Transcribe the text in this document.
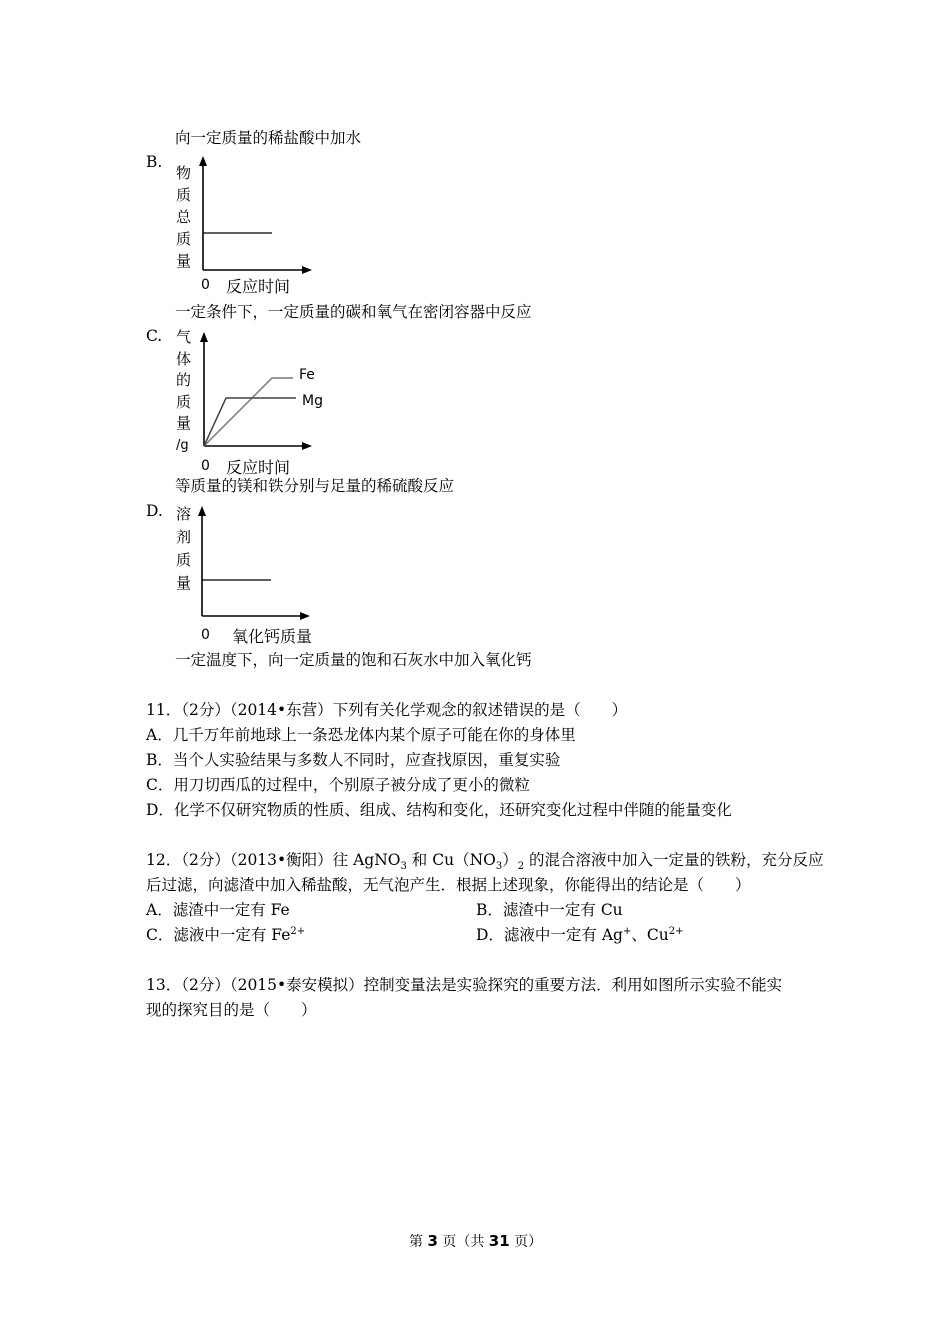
向一定质量的稀盐酸中加水
B.
物
质
总
质
量
0 反应时间
一定条件下，一定质量的碳和氧气在密闭容器中反应
C. 气
体
的
质
量
/g
Fe
Mg
0 反应时间
等质量的镁和铁分别与足量的稀硫酸反应
D. 溶
剂
质
量
0 氧化钙质量
一定温度下，向一定质量的饱和石灰水中加入氧化钙
11．（2分）（2014•东营）下列有关化学观念的叙述错误的是（　　）
A．几千万年前地球上一条恐龙体内某个原子可能在你的身体里
B．当个人实验结果与多数人不同时，应查找原因，重复实验
C．用刀切西瓜的过程中，个别原子被分成了更小的微粒
D．化学不仅研究物质的性质、组成、结构和变化，还研究变化过程中伴随的能量变化
12．（2分）（2013•衡阳）往 AgNO$_3$ 和 $Cu(NO_3)_2$ 的混合溶液中加入一定量的铁粉，充分反应
后过滤，向滤渣中加入稀盐酸，无气泡产生．根据上述现象，你能得出的结论是（　　）
A．滤渣中一定有 Fe	B．滤渣中一定有 Cu
C．滤液中一定有 $Fe^{2+}$	D．滤液中一定有 Ag+、$Cu^{2+}$
13．（2分）（2015•泰安模拟）控制变量法是实验探究的重要方法．利用如图所示实验不能实
现的探究目的是（　　）
第 3 页（共 31 页）
